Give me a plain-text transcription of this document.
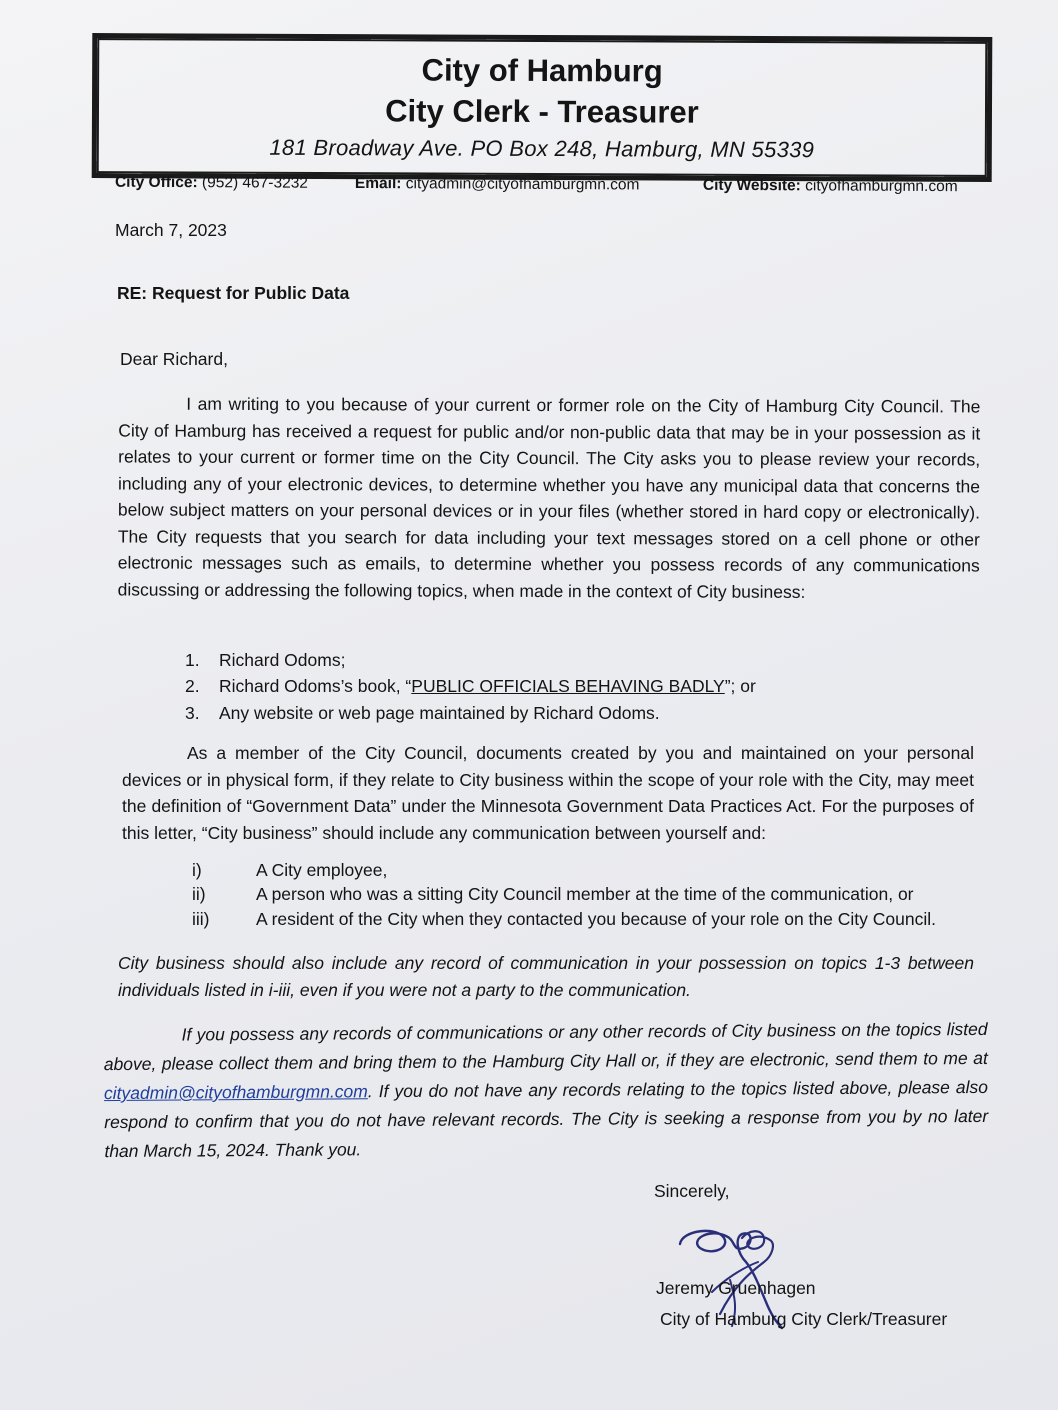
City of Hamburg
City Clerk - Treasurer
181 Broadway Ave. PO Box 248, Hamburg, MN 55339
City Office: (952) 467-3232	Email: cityadmin@cityofhamburgmn.com	City Website: cityofhamburgmn.com
March 7, 2023
RE: Request for Public Data
Dear Richard,
I am writing to you because of your current or former role on the City of Hamburg City Council. The City of Hamburg has received a request for public and/or non-public data that may be in your possession as it relates to your current or former time on the City Council. The City asks you to please review your records, including any of your electronic devices, to determine whether you have any municipal data that concerns the below subject matters on your personal devices or in your files (whether stored in hard copy or electronically). The City requests that you search for data including your text messages stored on a cell phone or other electronic messages such as emails, to determine whether you possess records of any communications discussing or addressing the following topics, when made in the context of City business:
1. Richard Odoms;
2. Richard Odoms’s book, “PUBLIC OFFICIALS BEHAVING BADLY”; or
3. Any website or web page maintained by Richard Odoms.
As a member of the City Council, documents created by you and maintained on your personal devices or in physical form, if they relate to City business within the scope of your role with the City, may meet the definition of “Government Data” under the Minnesota Government Data Practices Act. For the purposes of this letter, “City business” should include any communication between yourself and:
i)	A City employee,
ii)	A person who was a sitting City Council member at the time of the communication, or
iii)	A resident of the City when they contacted you because of your role on the City Council.
City business should also include any record of communication in your possession on topics 1-3 between individuals listed in i-iii, even if you were not a party to the communication.
If you possess any records of communications or any other records of City business on the topics listed above, please collect them and bring them to the Hamburg City Hall or, if they are electronic, send them to me at cityadmin@cityofhamburgmn.com. If you do not have any records relating to the topics listed above, please also respond to confirm that you do not have relevant records. The City is seeking a response from you by no later than March 15, 2024. Thank you.
Sincerely,
Jeremy Gruenhagen
City of Hamburg City Clerk/Treasurer
